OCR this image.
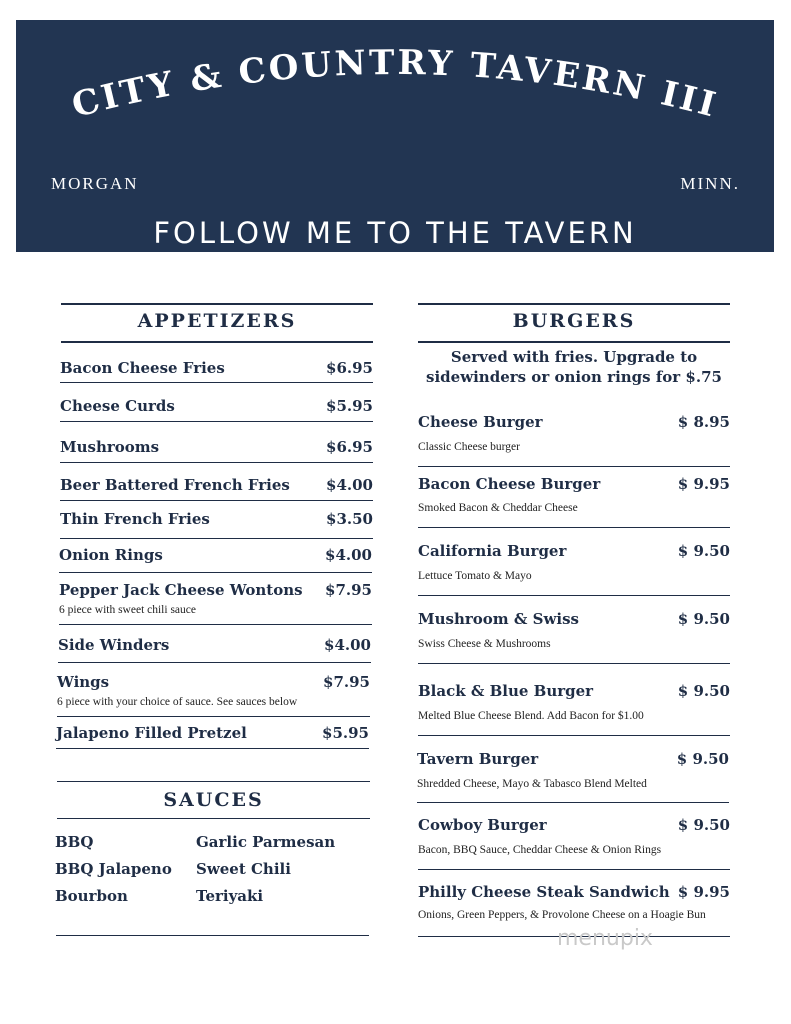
CITY & COUNTRY TAVERN III
MORGAN	MINN.
FOLLOW ME TO THE TAVERN
APPETIZERS
Bacon Cheese Fries	$6.95
Cheese Curds	$5.95
Mushrooms	$6.95
Beer Battered French Fries	$4.00
Thin French Fries	$3.50
Onion Rings	$4.00
Pepper Jack Cheese Wontons	$7.95
6 piece with sweet chili sauce
Side Winders	$4.00
Wings	$7.95
6 piece with your choice of sauce. See sauces below
Jalapeno Filled Pretzel	$5.95
SAUCES
BBQ
BBQ Jalapeno
Bourbon
Garlic Parmesan
Sweet Chili
Teriyaki
BURGERS
Served with fries. Upgrade to
sidewinders or onion rings for $.75
Cheese Burger	$ 8.95
Classic Cheese burger
Bacon Cheese Burger	$ 9.95
Smoked Bacon & Cheddar Cheese
California Burger	$ 9.50
Lettuce Tomato & Mayo
Mushroom & Swiss	$ 9.50
Swiss Cheese & Mushrooms
Black & Blue Burger	$ 9.50
Melted Blue Cheese Blend. Add Bacon for $1.00
Tavern Burger	$ 9.50
Shredded Cheese, Mayo & Tabasco Blend Melted
Cowboy Burger	$ 9.50
Bacon, BBQ Sauce, Cheddar Cheese & Onion Rings
Philly Cheese Steak Sandwich $ 9.95
Onions, Green Peppers, & Provolone Cheese on a Hoagie Bun
menupix
